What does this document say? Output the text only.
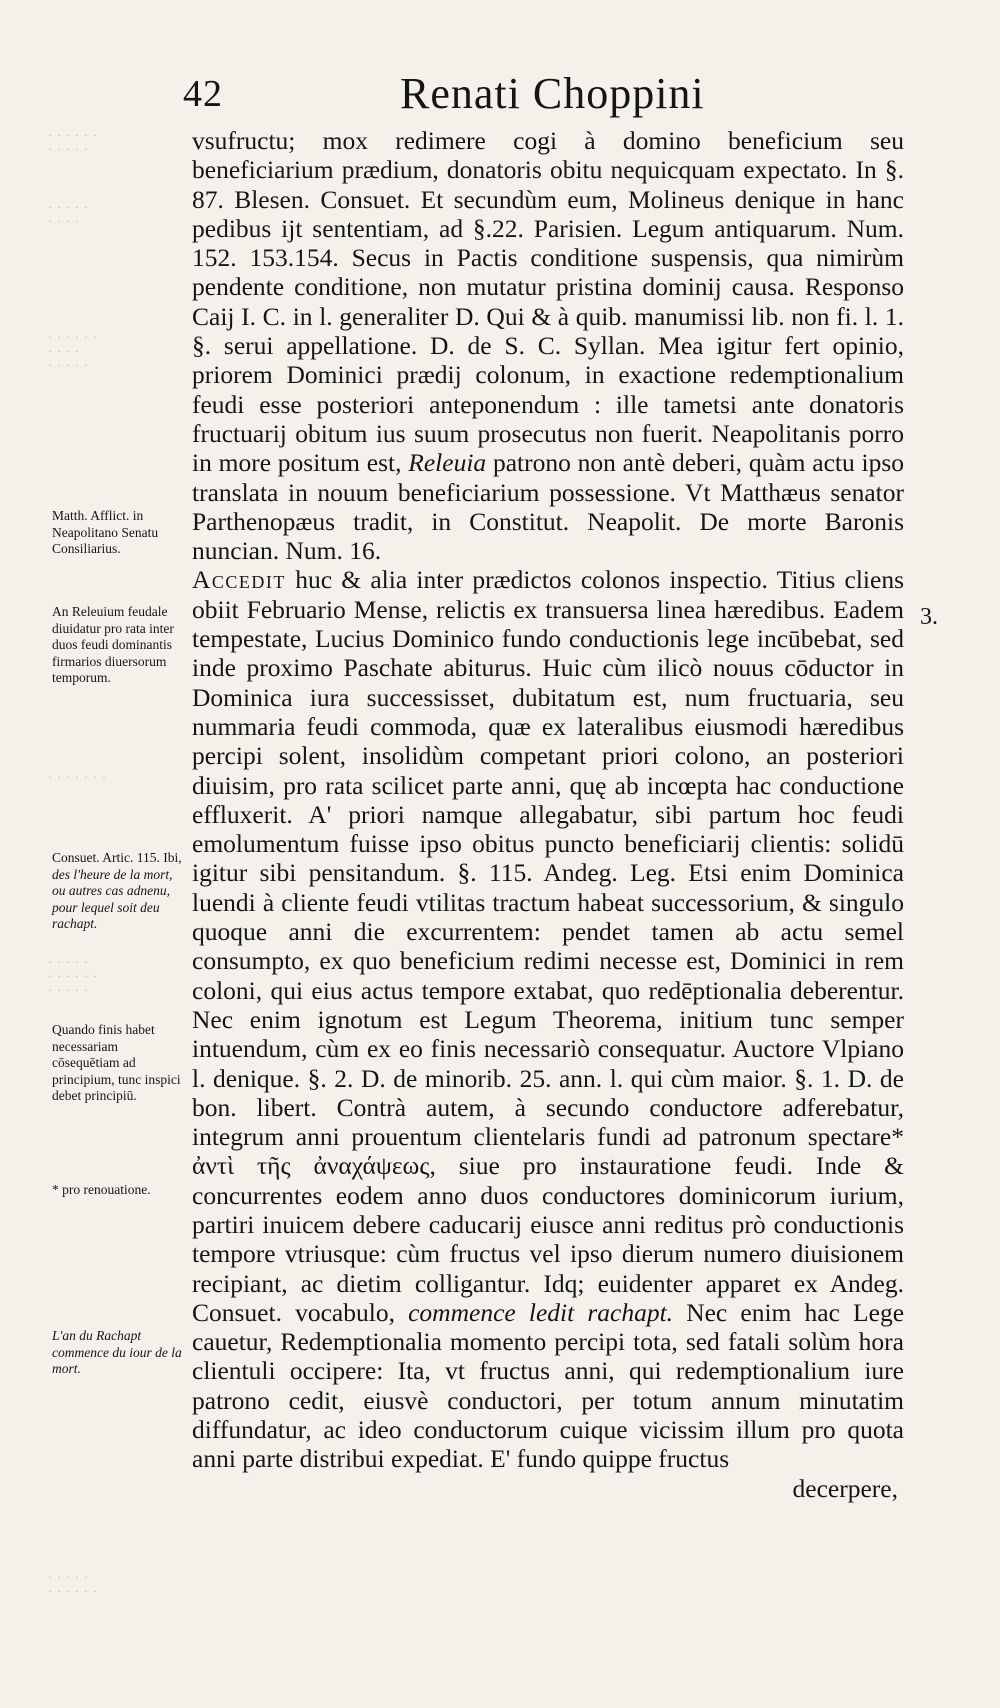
42	Renati Choppini
· · · · · ·
· · · · ·
· · · · ·
· · · ·
· · · · · ·
· · · ·
· · · · ·
· · · · · · ·
· · · · ·
· · · · · ·
· · · · ·
· · · · ·
· · · · · ·
Matth. Afflict. in Neapolitano Senatu Consiliarius.
An Releuium feudale diuidatur pro rata inter duos feudi dominantis firmarios diuersorum temporum.
Consuet. Artic. 115. Ibi, des l'heure de la mort, ou autres cas adnenu, pour lequel soit deu rachapt.
Quando finis habet necessariam cōsequētiam ad principium, tunc inspici debet principiū.
* pro renouatione.
L'an du Rachapt commence du iour de la mort.

vsufructu; mox redimere cogi à domino beneficium seu beneficiarium prædium, donatoris obitu nequicquam expectato. In §. 87. Blesen. Consuet. Et secundùm eum, Molineus denique in hanc pedibus ijt sententiam, ad §.22. Parisien. Legum antiquarum. Num. 152. 153.154. Secus in Pactis conditione suspensis, qua nimirùm pendente conditione, non mutatur pristina dominij causa. Responso Caij I. C. in l. generaliter D. Qui & à quib. manumissi lib. non fi. l. 1. §. serui appellatione. D. de S. C. Syllan. Mea igitur fert opinio, priorem Dominici prædij colonum, in exactione redemptionalium feudi esse posteriori anteponendum : ille tametsi ante donatoris fructuarij obitum ius suum prosecutus non fuerit. Neapolitanis porro in more positum est, Releuia patrono non antè deberi, quàm actu ipso translata in nouum beneficiarium possessione. Vt Matthæus senator Parthenopæus tradit, in Constitut. Neapolit. De morte Baronis nuncian. Num. 16.

Accedit huc & alia inter prædictos colonos inspectio. Titius cliens obiit Februario Mense, relictis ex transuersa linea hæredibus. Eadem tempestate, Lucius Dominico fundo conductionis lege incūbebat, sed inde proximo Paschate abiturus. Huic cùm ilicò nouus cōductor in Dominica iura successisset, dubitatum est, num fructuaria, seu nummaria feudi commoda, quæ ex lateralibus eiusmodi hæredibus percipi solent, insolidùm competant priori colono, an posteriori diuisim, pro rata scilicet parte anni, quę ab incœpta hac conductione effluxerit. A' priori namque allegabatur, sibi partum hoc feudi emolumentum fuisse ipso obitus puncto beneficiarij clientis: solidū igitur sibi pensitandum. §. 115. Andeg. Leg. Etsi enim Dominica luendi à cliente feudi vtilitas tractum habeat successorium, & singulo quoque anni die excurrentem: pendet tamen ab actu semel consumpto, ex quo beneficium redimi necesse est, Dominici in rem coloni, qui eius actus tempore extabat, quo redēptionalia deberentur. Nec enim ignotum est Legum Theorema, initium tunc semper intuendum, cùm ex eo finis necessariò consequatur. Auctore Vlpiano l. denique. §. 2. D. de minorib. 25. ann. l. qui cùm maior. §. 1. D. de bon. libert. Contrà autem, à secundo conductore adferebatur, integrum anni prouentum clientelaris fundi ad patronum spectare* ἀντὶ τῆς ἀναχάψεως, siue pro instauratione feudi. Inde & concurrentes eodem anno duos conductores dominicorum iurium, partiri inuicem debere caducarij eiusce anni reditus prò conductionis tempore vtriusque: cùm fructus vel ipso dierum numero diuisionem recipiant, ac dietim colligantur. Idq; euidenter apparet ex Andeg. Consuet. vocabulo, commence ledit rachapt. Nec enim hac Lege cauetur, Redemptionalia momento percipi tota, sed fatali solùm hora clientuli occipere: Ita, vt fructus anni, qui redemptionalium iure patrono cedit, eiusvè conductori, per totum annum minutatim diffundatur, ac ideo conductorum cuique vicissim illum pro quota anni parte distribui expediat. E' fundo quippe fructus

decerpere,

3.
